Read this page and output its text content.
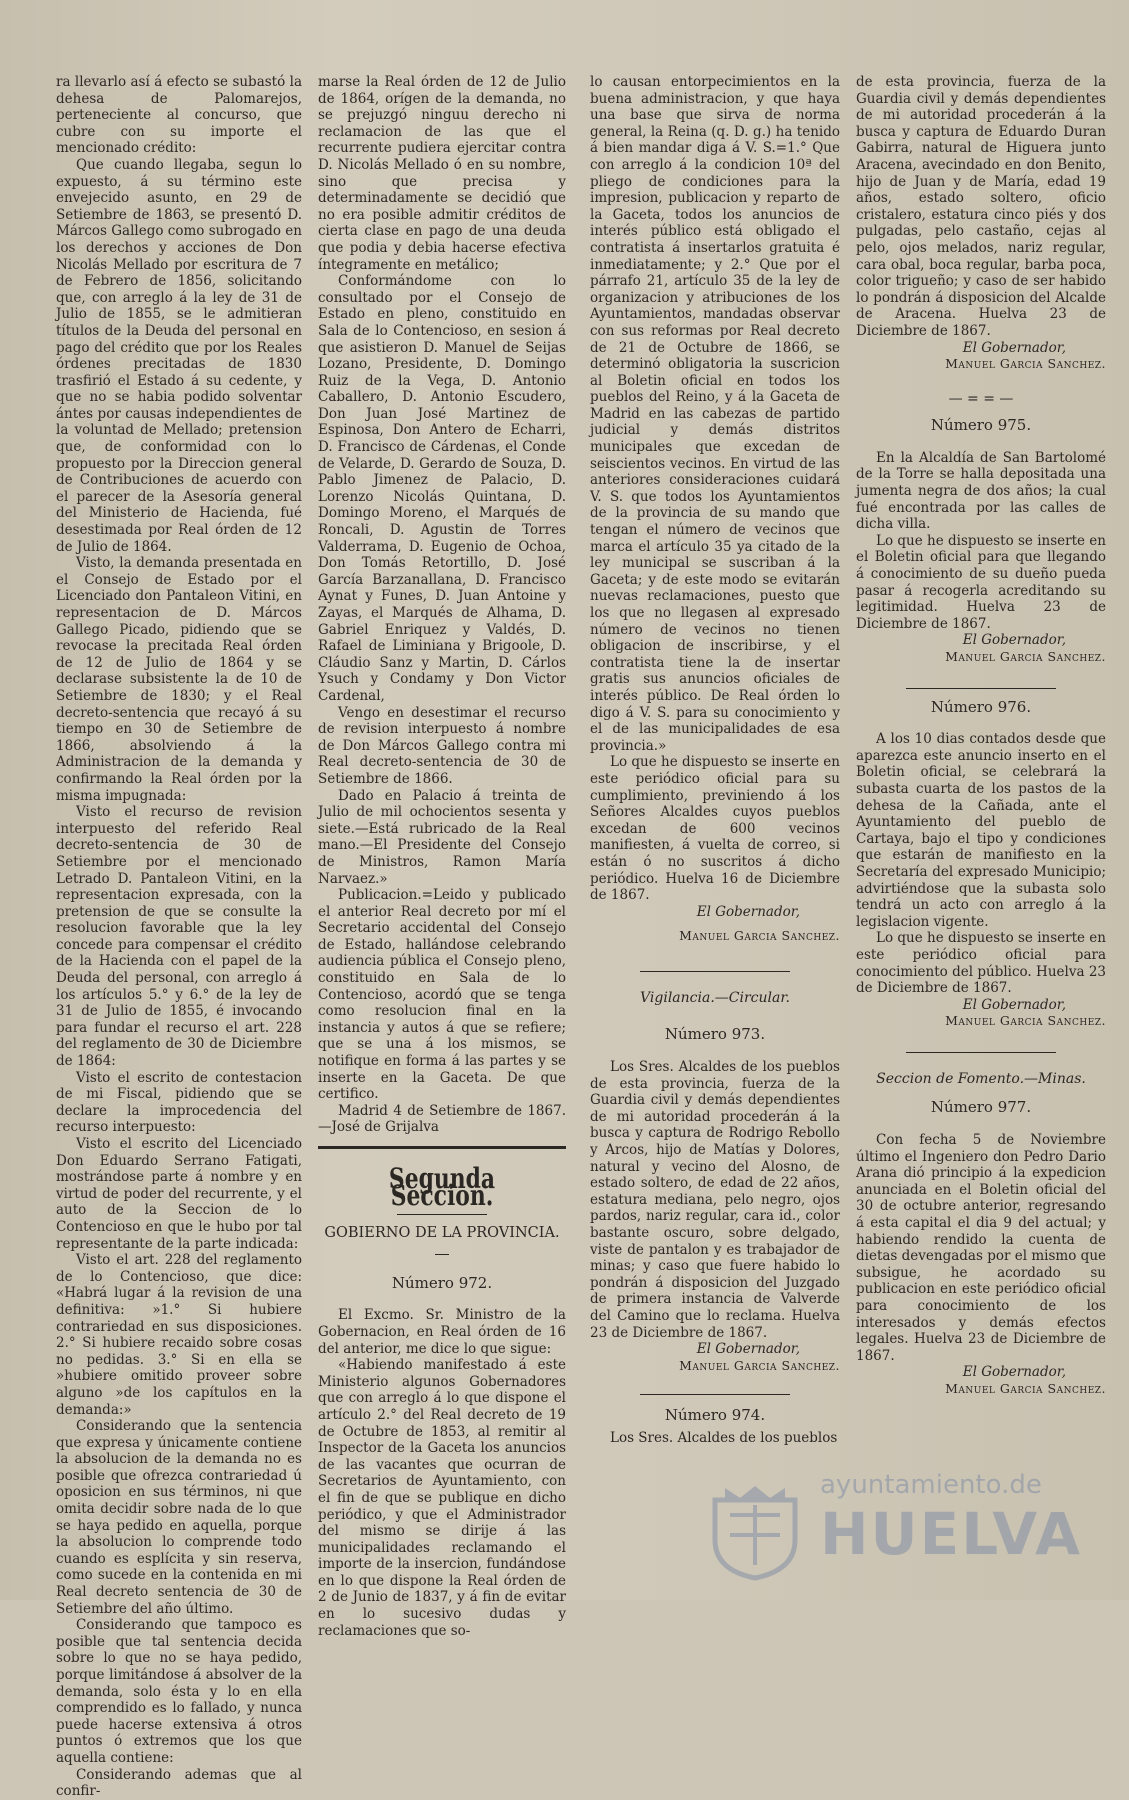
ra llevarlo así á efecto se subastó la dehesa de Palomarejos, perteneciente al concurso, que cubre con su importe el mencionado crédito:

Que cuando llegaba, segun lo expuesto, á su término este envejecido asunto, en 29 de Setiembre de 1863, se presentó D. Márcos Gallego como subrogado en los derechos y acciones de Don Nicolás Mellado por escritura de 7 de Febrero de 1856, solicitando que, con arreglo á la ley de 31 de Julio de 1855, se le admitieran títulos de la Deuda del personal en pago del crédito que por los Reales órdenes precitadas de 1830 trasfirió el Estado á su cedente, y que no se habia podido solventar ántes por causas independientes de la voluntad de Mellado; pretension que, de conformidad con lo propuesto por la Direccion general de Contribuciones de acuerdo con el parecer de la Asesoría general del Ministerio de Hacienda, fué desestimada por Real órden de 12 de Julio de 1864.

Visto, la demanda presentada en el Consejo de Estado por el Licenciado don Pantaleon Vitini, en representacion de D. Márcos Gallego Picado, pidiendo que se revocase la precitada Real órden de 12 de Julio de 1864 y se declarase subsistente la de 10 de Setiembre de 1830; y el Real decreto-sentencia que recayó á su tiempo en 30 de Setiembre de 1866, absolviendo á la Administracion de la demanda y confirmando la Real órden por la misma impugnada:

Visto el recurso de revision interpuesto del referido Real decreto-sentencia de 30 de Setiembre por el mencionado Letrado D. Pantaleon Vitini, en la representacion expresada, con la pretension de que se consulte la resolucion favorable que la ley concede para compensar el crédito de la Hacienda con el papel de la Deuda del personal, con arreglo á los artículos 5.° y 6.° de la ley de 31 de Julio de 1855, é invocando para fundar el recurso el art. 228 del reglamento de 30 de Diciembre de 1864:

Visto el escrito de contestacion de mi Fiscal, pidiendo que se declare la improcedencia del recurso interpuesto:

Visto el escrito del Licenciado Don Eduardo Serrano Fatigati, mostrándose parte á nombre y en virtud de poder del recurrente, y el auto de la Seccion de lo Contencioso en que le hubo por tal representante de la parte indicada:

Visto el art. 228 del reglamento de lo Contencioso, que dice: «Habrá lugar á la revision de una definitiva: »1.° Si hubiere contrariedad en sus disposiciones. 2.° Si hubiere recaido sobre cosas no pedidas. 3.° Si en ella se »hubiere omitido proveer sobre alguno »de los capítulos en la demanda:»

Considerando que la sentencia que expresa y únicamente contiene la absolucion de la demanda no es posible que ofrezca contrariedad ú oposicion en sus términos, ni que omita decidir sobre nada de lo que se haya pedido en aquella, porque la absolucion lo comprende todo cuando es esplícita y sin reserva, como sucede en la contenida en mi Real decreto sentencia de 30 de Setiembre del año último.

Considerando que tampoco es posible que tal sentencia decida sobre lo que no se haya pedido, porque limitándose á absolver de la demanda, solo ésta y lo en ella comprendido es lo fallado, y nunca puede hacerse extensiva á otros puntos ó extremos que los que aquella contiene:

Considerando ademas que al confir-

marse la Real órden de 12 de Julio de 1864, orígen de la demanda, no se prejuzgó ninguu derecho ni reclamacion de las que el recurrente pudiera ejercitar contra D. Nicolás Mellado ó en su nombre, sino que precisa y determinadamente se decidió que no era posible admitir créditos de cierta clase en pago de una deuda que podia y debia hacerse efectiva íntegramente en metálico;

Conformándome con lo consultado por el Consejo de Estado en pleno, constituido en Sala de lo Contencioso, en sesion á que asistieron D. Manuel de Seijas Lozano, Presidente, D. Domingo Ruiz de la Vega, D. Antonio Caballero, D. Antonio Escudero, Don Juan José Martinez de Espinosa, Don Antero de Echarri, D. Francisco de Cárdenas, el Conde de Velarde, D. Gerardo de Souza, D. Pablo Jimenez de Palacio, D. Lorenzo Nicolás Quintana, D. Domingo Moreno, el Marqués de Roncali, D. Agustin de Torres Valderrama, D. Eugenio de Ochoa, Don Tomás Retortillo, D. José García Barzanallana, D. Francisco Aynat y Funes, D. Juan Antoine y Zayas, el Marqués de Alhama, D. Gabriel Enriquez y Valdés, D. Rafael de Liminiana y Brigoole, D. Cláudio Sanz y Martin, D. Cárlos Ysuch y Condamy y Don Victor Cardenal,

Vengo en desestimar el recurso de revision interpuesto á nombre de Don Márcos Gallego contra mi Real decreto-sentencia de 30 de Setiembre de 1866.

Dado en Palacio á treinta de Julio de mil ochocientos sesenta y siete.—Está rubricado de la Real mano.—El Presidente del Consejo de Ministros, Ramon María Narvaez.»

Publicacion.=Leido y publicado el anterior Real decreto por mí el Secretario accidental del Consejo de Estado, hallándose celebrando audiencia pública el Consejo pleno, constituido en Sala de lo Contencioso, acordó que se tenga como resolucion final en la instancia y autos á que se refiere; que se una á los mismos, se notifique en forma á las partes y se inserte en la Gaceta. De que certifico.

Madrid 4 de Setiembre de 1867.—José de Grijalva

Segunda Seccion.
GOBIERNO DE LA PROVINCIA.
Número 972.

El Excmo. Sr. Ministro de la Gobernacion, en Real órden de 16 del anterior, me dice lo que sigue:

«Habiendo manifestado á este Ministerio algunos Gobernadores que con arreglo á lo que dispone el artículo 2.° del Real decreto de 19 de Octubre de 1853, al remitir al Inspector de la Gaceta los anuncios de las vacantes que ocurran de Secretarios de Ayuntamiento, con el fin de que se publique en dicho periódico, y que el Administrador del mismo se dirije á las municipalidades reclamando el importe de la insercion, fundándose en lo que dispone la Real órden de 2 de Junio de 1837, y á fin de evitar en lo sucesivo dudas y reclamaciones que so-

lo causan entorpecimientos en la buena administracion, y que haya una base que sirva de norma general, la Reina (q. D. g.) ha tenido á bien mandar diga á V. S.=1.° Que con arreglo á la condicion 10ª del pliego de condiciones para la impresion, publicacion y reparto de la Gaceta, todos los anuncios de interés público está obligado el contratista á insertarlos gratuita é inmediatamente; y 2.° Que por el párrafo 21, artículo 35 de la ley de organizacion y atribuciones de los Ayuntamientos, mandadas observar con sus reformas por Real decreto de 21 de Octubre de 1866, se determinó obligatoria la suscricion al Boletin oficial en todos los pueblos del Reino, y á la Gaceta de Madrid en las cabezas de partido judicial y demás distritos municipales que excedan de seiscientos vecinos. En virtud de las anteriores consideraciones cuidará V. S. que todos los Ayuntamientos de la provincia de su mando que tengan el número de vecinos que marca el artículo 35 ya citado de la ley municipal se suscriban á la Gaceta; y de este modo se evitarán nuevas reclamaciones, puesto que los que no llegasen al expresado número de vecinos no tienen obligacion de inscribirse, y el contratista tiene la de insertar gratis sus anuncios oficiales de interés público. De Real órden lo digo á V. S. para su conocimiento y el de las municipalidades de esa provincia.»

Lo que he dispuesto se inserte en este periódico oficial para su cumplimiento, previniendo á los Señores Alcaldes cuyos pueblos excedan de 600 vecinos manifiesten, á vuelta de correo, si están ó no suscritos á dicho periódico. Huelva 16 de Diciembre de 1867.

El Gobernador,

Manuel Garcia Sanchez.

Vigilancia.—Circular.

Número 973.

Los Sres. Alcaldes de los pueblos de esta provincia, fuerza de la Guardia civil y demás dependientes de mi autoridad procederán á la busca y captura de Rodrigo Rebollo y Arcos, hijo de Matías y Dolores, natural y vecino del Alosno, de estado soltero, de edad de 22 años, estatura mediana, pelo negro, ojos pardos, nariz regular, cara id., color bastante oscuro, sobre delgado, viste de pantalon y es trabajador de minas; y caso que fuere habido lo pondrán á disposicion del Juzgado de primera instancia de Valverde del Camino que lo reclama. Huelva 23 de Diciembre de 1867.

El Gobernador,

Manuel Garcia Sanchez.

Número 974.

Los Sres. Alcaldes de los pueblos

de esta provincia, fuerza de la Guardia civil y demás dependientes de mi autoridad procederán á la busca y captura de Eduardo Duran Gabirra, natural de Higuera junto Aracena, avecindado en don Benito, hijo de Juan y de María, edad 19 años, estado soltero, oficio cristalero, estatura cinco piés y dos pulgadas, pelo castaño, cejas al pelo, ojos melados, nariz regular, cara obal, boca regular, barba poca, color trigueño; y caso de ser habido lo pondrán á disposicion del Alcalde de Aracena. Huelva 23 de Diciembre de 1867.

El Gobernador,

Manuel Garcia Sanchez.

— = = —
Número 975.

En la Alcaldía de San Bartolomé de la Torre se halla depositada una jumenta negra de dos años; la cual fué encontrada por las calles de dicha villa.

Lo que he dispuesto se inserte en el Boletin oficial para que llegando á conocimiento de su dueño pueda pasar á recogerla acreditando su legitimidad. Huelva 23 de Diciembre de 1867.

El Gobernador,

Manuel Garcia Sanchez.

Número 976.

A los 10 dias contados desde que aparezca este anuncio inserto en el Boletin oficial, se celebrará la subasta cuarta de los pastos de la dehesa de la Cañada, ante el Ayuntamiento del pueblo de Cartaya, bajo el tipo y condiciones que estarán de manifiesto en la Secretaría del expresado Municipio; advirtiéndose que la subasta solo tendrá un acto con arreglo á la legislacion vigente.

Lo que he dispuesto se inserte en este periódico oficial para conocimiento del público. Huelva 23 de Diciembre de 1867.

El Gobernador,

Manuel Garcia Sanchez.

Seccion de Fomento.—Minas.

Número 977.

Con fecha 5 de Noviembre último el Ingeniero don Pedro Dario Arana dió principio á la expedicion anunciada en el Boletin oficial del 30 de octubre anterior, regresando á esta capital el dia 9 del actual; y habiendo rendido la cuenta de dietas devengadas por el mismo que subsigue, he acordado su publicacion en este periódico oficial para conocimiento de los interesados y demás efectos legales. Huelva 23 de Diciembre de 1867.

El Gobernador,

Manuel Garcia Sanchez.

ayuntamiento.de
HUELVA
